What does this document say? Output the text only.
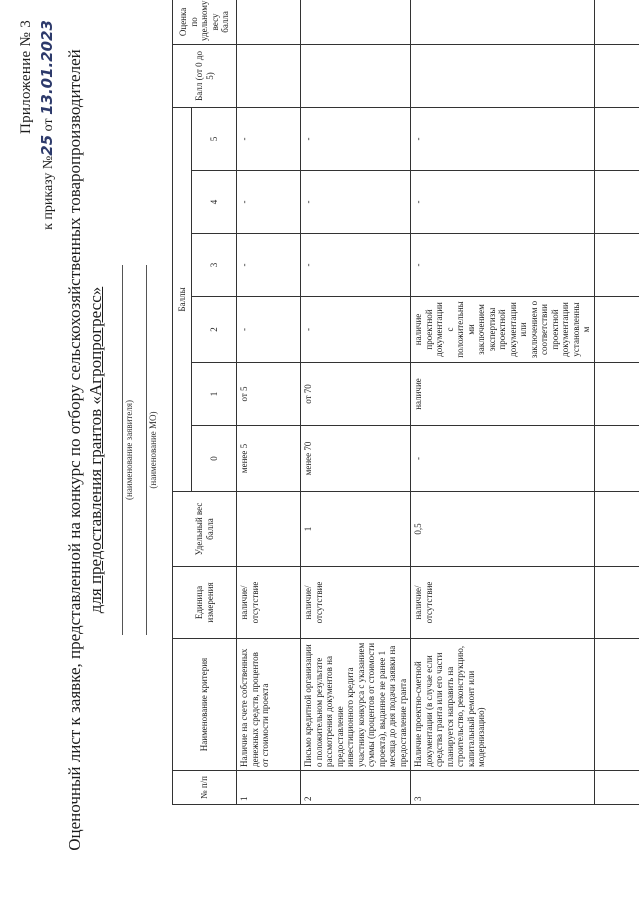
Приложение № 3
к приказу №25 от 13.01.2023 Оценочный лист к заявке, представленной на конкурс по отбору сельскохозяйственных товаропроизводителей для предоставления грантов «Агропрогресс» (наименование заявителя) (наименование МО)
№ п/п	Наименование критерия	Единица измерения	Удельный вес балла	Баллы						Балл (от 0 до 5)	Оценка по удельному весу балла
				0	1	2	3	4	5		
1	Наличие на счете собственных денежных средств, процентов от стоимости проекта	наличие/ отсутствие		менее 5	от 5	-	-	-	-		
2	Письмо кредитной организации о положительном результате рассмотрения документов на предоставление инвестиционного кредита участнику конкурса с указанием суммы (процентов от стоимости проекта), выданное не ранее 1 месяца до дня подачи заявки на предоставление гранта	наличие/ отсутствие	1	менее 70	от 70	-	-	-	-		
3	Наличие проектно-сметной документации (в случае если средства гранта или его части планируется направить на строительство, реконструкцию, капитальный ремонт или модернизацию)	наличие/ отсутствие	0,5	-	наличие	наличие проектной документации с положительными заключением экспертизы проектной документации или заключением о соответствии проектной документации установленным	-	-	-		
